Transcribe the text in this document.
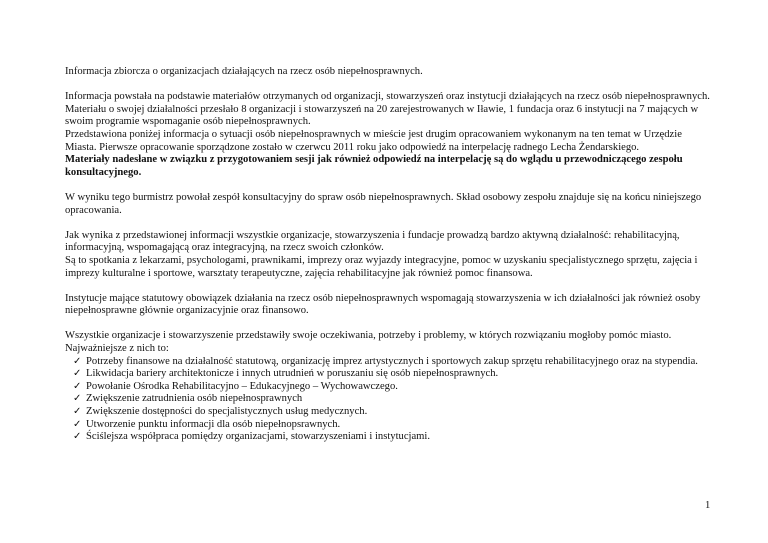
Informacja zbiorcza o organizacjach działających na rzecz osób niepełnosprawnych.

Informacja powstała na podstawie materiałów otrzymanych od organizacji, stowarzyszeń oraz instytucji działających na rzecz osób niepełnosprawnych.
Materiału o swojej działalności przesłało 8 organizacji i stowarzyszeń na 20 zarejestrowanych w Iławie, 1 fundacja oraz 6 instytucji na 7 mających w swoim programie wspomaganie osób niepełnosprawnych.
Przedstawiona poniżej informacja o sytuacji osób niepełnosprawnych w mieście jest drugim opracowaniem wykonanym na ten temat w Urzędzie Miasta. Pierwsze opracowanie sporządzone zostało w czerwcu 2011 roku jako odpowiedź na interpelację radnego Lecha Żendarskiego.
Materiały nadesłane w związku z przygotowaniem sesji jak również odpowiedź na interpelację są do wglądu u przewodniczącego zespołu konsultacyjnego.

W wyniku tego burmistrz powołał zespół konsultacyjny do spraw osób niepełnosprawnych. Skład osobowy zespołu znajduje się na końcu niniejszego opracowania.

Jak wynika z przedstawionej informacji wszystkie organizacje, stowarzyszenia i fundacje prowadzą bardzo aktywną działalność: rehabilitacyjną, informacyjną, wspomagającą oraz integracyjną, na rzecz swoich członków.
Są to spotkania z lekarzami, psychologami, prawnikami, imprezy oraz wyjazdy integracyjne, pomoc w uzyskaniu specjalistycznego sprzętu, zajęcia i imprezy kulturalne i sportowe, warsztaty terapeutyczne, zajęcia rehabilitacyjne jak również pomoc finansowa.

Instytucje mające statutowy obowiązek działania na rzecz osób niepełnosprawnych wspomagają stowarzyszenia w ich działalności jak również osoby niepełnosprawne głównie organizacyjnie oraz finansowo.

Wszystkie organizacje i stowarzyszenie przedstawiły swoje oczekiwania, potrzeby i problemy, w których rozwiązaniu mogłoby pomóc miasto.
Najważniejsze z nich to:
✓ Potrzeby finansowe na działalność statutową, organizację imprez artystycznych i sportowych zakup sprzętu rehabilitacyjnego oraz na stypendia.
✓ Likwidacja bariery architektonicze i innych utrudnień w poruszaniu się osób niepełnosprawnych.
✓ Powołanie Ośrodka Rehabilitacyjno – Edukacyjnego – Wychowawczego.
✓ Zwiększenie zatrudnienia osób niepełnosprawnych
✓ Zwiększenie dostępności do specjalistycznych usług medycznych.
✓ Utworzenie punktu informacji dla osób niepełnopsrawnych.
✓ Ściślejsza współpraca pomiędzy organizacjami, stowarzyszeniami i instytucjami.
1
